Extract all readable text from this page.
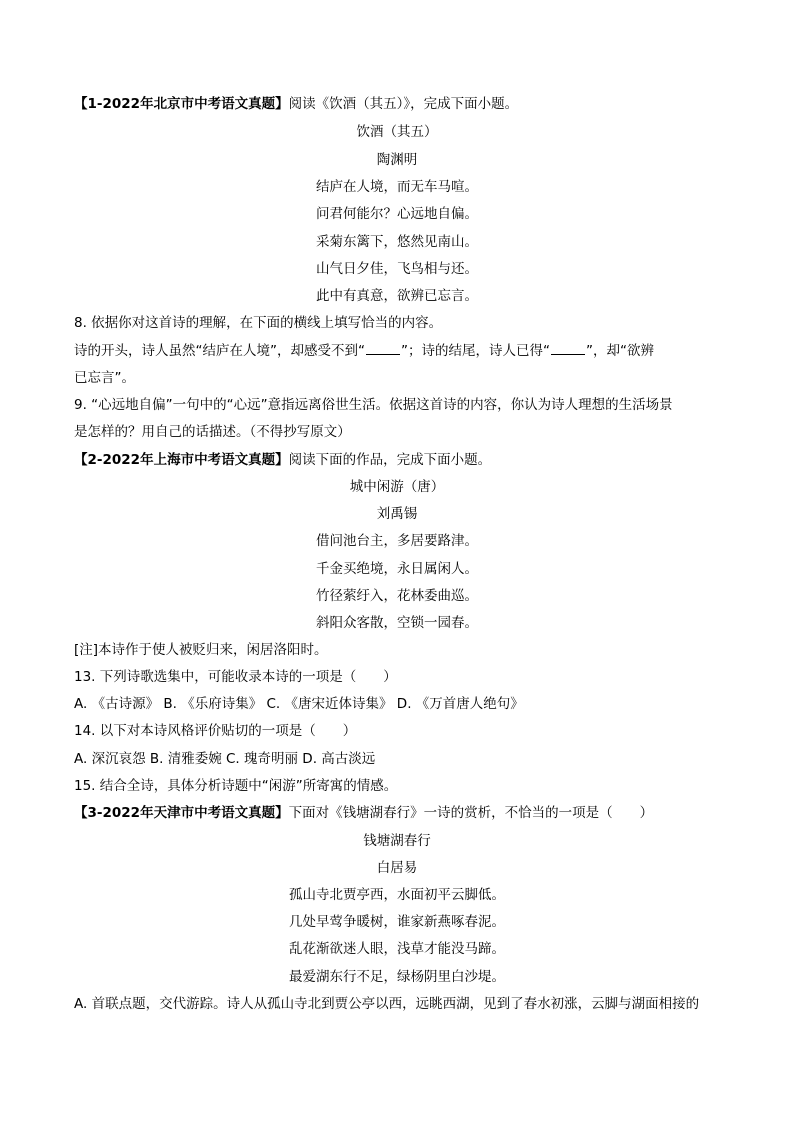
【1-2022年北京市中考语文真题】阅读《饮酒（其五）》，完成下面小题。
饮酒（其五）
陶渊明
结庐在人境，而无车马喧。
问君何能尔？心远地自偏。
采菊东篱下，悠然见南山。
山气日夕佳，飞鸟相与还。
此中有真意，欲辨已忘言。
8. 依据你对这首诗的理解，在下面的横线上填写恰当的内容。
诗的开头，诗人虽然“结庐在人境”，却感受不到“	”；诗的结尾，诗人已得“	”，却“欲辨
已忘言”。
9. “心远地自偏”一句中的“心远”意指远离俗世生活。依据这首诗的内容，你认为诗人理想的生活场景
是怎样的？用自己的话描述。（不得抄写原文）
【2-2022年上海市中考语文真题】阅读下面的作品，完成下面小题。
城中闲游（唐）
刘禹锡
借问池台主，多居要路津。
千金买绝境，永日属闲人。
竹径萦纡入，花林委曲巡。
斜阳众客散，空锁一园春。
[注]本诗作于使人被贬归来，闲居洛阳时。
13. 下列诗歌选集中，可能收录本诗的一项是（　　）
A. 《古诗源》 B. 《乐府诗集》 C. 《唐宋近体诗集》 D. 《万首唐人绝句》
14. 以下对本诗风格评价贴切的一项是（　　）
A. 深沉哀怨 B. 清雅委婉 C. 瑰奇明丽 D. 高古淡远
15. 结合全诗，具体分析诗题中“闲游”所寄寓的情感。
【3-2022年天津市中考语文真题】下面对《钱塘湖春行》一诗的赏析，不恰当的一项是（　　）
钱塘湖春行
白居易
孤山寺北贾亭西，水面初平云脚低。
几处早莺争暖树，谁家新燕啄春泥。
乱花渐欲迷人眼，浅草才能没马蹄。
最爱湖东行不足，绿杨阴里白沙堤。
A. 首联点题，交代游踪。诗人从孤山寺北到贾公亭以西，远眺西湖，见到了春水初涨，云脚与湖面相接的
